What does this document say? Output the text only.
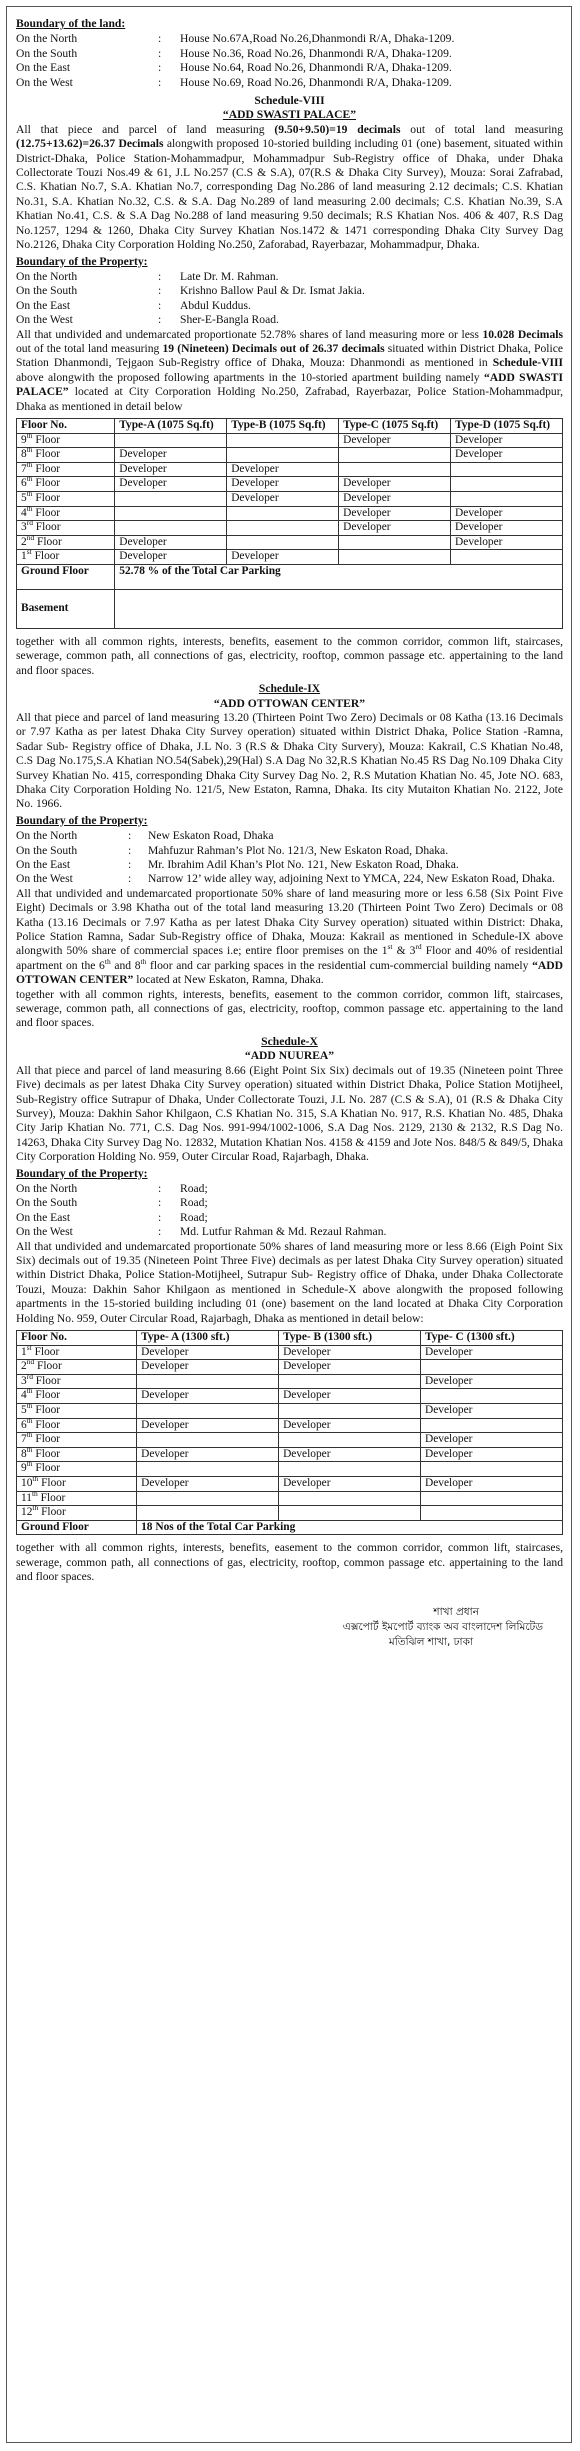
Boundary of the land:
On the North	:	House No.67A,Road No.26,Dhanmondi R/A, Dhaka-1209.
On the South	:	House No.36, Road No.26, Dhanmondi R/A, Dhaka-1209.
On the East	:	House No.64, Road No.26, Dhanmondi R/A, Dhaka-1209.
On the West	:	House No.69, Road No.26, Dhanmondi R/A, Dhaka-1209.
Schedule-VIII
“ADD SWASTI PALACE”

All that piece and parcel of land measuring (9.50+9.50)=19 decimals out of total land measuring (12.75+13.62)=26.37 Decimals alongwith proposed 10-storied building including 01 (one) basement, situated within District-Dhaka, Police Station-Mohammadpur, Mohammadpur Sub-Registry office of Dhaka, under Dhaka Collectorate Touzi Nos.49 & 61, J.L No.257 (C.S & S.A), 07(R.S & Dhaka City Survey), Mouza: Sorai Zafrabad, C.S. Khatian No.7, S.A. Khatian No.7, corresponding Dag No.286 of land measuring 2.12 decimals; C.S. Khatian No.31, S.A. Khatian No.32, C.S. & S.A. Dag No.289 of land measuring 2.00 decimals; C.S. Khatian No.39, S.A Khatian No.41, C.S. & S.A Dag No.288 of land measuring 9.50 decimals; R.S Khatian Nos. 406 & 407, R.S Dag No.1257, 1294 & 1260, Dhaka City Survey Khatian Nos.1472 & 1471 corresponding Dhaka City Survey Dag No.2126, Dhaka City Corporation Holding No.250, Zaforabad, Rayerbazar, Mohammadpur, Dhaka.

Boundary of the Property:
On the North	:	Late Dr. M. Rahman.
On the South	:	Krishno Ballow Paul & Dr. Ismat Jakia.
On the East	:	Abdul Kuddus.
On the West	:	Sher-E-Bangla Road.

All that undivided and undemarcated proportionate 52.78% shares of land measuring more or less 10.028 Decimals out of the total land measuring 19 (Nineteen) Decimals out of 26.37 decimals situated within District Dhaka, Police Station Dhanmondi, Tejgaon Sub-Registry office of Dhaka, Mouza: Dhanmondi as mentioned in Schedule-VIII above alongwith the proposed following apartments in the 10-storied apartment building namely “ADD SWASTI PALACE” located at City Corporation Holding No.250, Zafrabad, Rayerbazar, Police Station-Mohammadpur, Dhaka as mentioned in detail below

Floor No.	Type-A (1075 Sq.ft)	Type-B (1075 Sq.ft)	Type-C (1075 Sq.ft)	Type-D (1075 Sq.ft)
9th Floor			Developer	Developer
8th Floor	Developer			Developer
7th Floor	Developer	Developer		
6th Floor	Developer	Developer	Developer	
5th Floor		Developer	Developer	
4th Floor			Developer	Developer
3rd Floor			Developer	Developer
2nd Floor	Developer			Developer
1st Floor	Developer	Developer		
Ground Floor	52.78 % of the Total Car Parking			
Basement				

together with all common rights, interests, benefits, easement to the common corridor, common lift, staircases, sewerage, common path, all connections of gas, electricity, rooftop, common passage etc. appertaining to the land and floor spaces.

Schedule-IX
“ADD OTTOWAN CENTER”

All that piece and parcel of land measuring 13.20 (Thirteen Point Two Zero) Decimals or 08 Katha (13.16 Decimals or 7.97 Katha as per latest Dhaka City Survey operation) situated within District Dhaka, Police Station -Ramna, Sadar Sub- Registry office of Dhaka, J.L No. 3 (R.S & Dhaka City Survery), Mouza: Kakrail, C.S Khatian No.48, C.S Dag No.175,S.A Khatian NO.54(Sabek),29(Hal) S.A Dag No 32,R.S Khatian No.45 RS Dag No.109 Dhaka City Survey Khatian No. 415, corresponding Dhaka City Survey Dag No. 2, R.S Mutation Khatian No. 45, Jote NO. 683, Dhaka City Corporation Holding No. 121/5, New Estaton, Ramna, Dhaka. Its city Mutaiton Khatian No. 2122, Jote No. 1966.

Boundary of the Property:
On the North	:	New Eskaton Road, Dhaka
On the South	:	Mahfuzur Rahman’s Plot No. 121/3, New Eskaton Road, Dhaka.
On the East	:	Mr. Ibrahim Adil Khan’s Plot No. 121, New Eskaton Road, Dhaka.
On the West	:	Narrow 12’ wide alley way, adjoining Next to YMCA, 224, New Eskaton Road, Dhaka.

All that undivided and undemarcated proportionate 50% share of land measuring more or less 6.58 (Six Point Five Eight) Decimals or 3.98 Khatha out of the total land measuring 13.20 (Thirteen Point Two Zero) Decimals or 08 Katha (13.16 Decimals or 7.97 Katha as per latest Dhaka City Survey operation) situated within District: Dhaka, Police Station Ramna, Sadar Sub-Registry office of Dhaka, Mouza: Kakrail as mentioned in Schedule-IX above alongwith 50% share of commercial spaces i.e; entire floor premises on the 1st & 3rd Floor and 40% of residential apartment on the 6th and 8th floor and car parking spaces in the residential cum-commercial building namely “ADD OTTOWAN CENTER” located at New Eskaton, Ramna, Dhaka.

together with all common rights, interests, benefits, easement to the common corridor, common lift, staircases, sewerage, common path, all connections of gas, electricity, rooftop, common passage etc. appertaining to the land and floor spaces.

Schedule-X
“ADD NUUREA”

All that piece and parcel of land measuring 8.66 (Eight Point Six Six) decimals out of 19.35 (Nineteen point Three Five) decimals as per latest Dhaka City Survey operation) situated within District Dhaka, Police Station Motijheel, Sub-Registry office Sutrapur of Dhaka, Under Collectorate Touzi, J.L No. 287 (C.S & S.A), 01 (R.S & Dhaka City Survey), Mouza: Dakhin Sahor Khilgaon, C.S Khatian No. 315, S.A Khatian No. 917, R.S. Khatian No. 485, Dhaka City Jarip Khatian No. 771, C.S. Dag Nos. 991-994/1002-1006, S.A Dag Nos. 2129, 2130 & 2132, R.S Dag No. 14263, Dhaka City Survey Dag No. 12832, Mutation Khatian Nos. 4158 & 4159 and Jote Nos. 848/5 & 849/5, Dhaka City Corporation Holding No. 959, Outer Circular Road, Rajarbagh, Dhaka.

Boundary of the Property:
On the North	:	Road;
On the South	:	Road;
On the East	:	Road;
On the West	:	Md. Lutfur Rahman & Md. Rezaul Rahman.

All that undivided and undemarcated proportionate 50% shares of land measuring more or less 8.66 (Eigh Point Six Six) decimals out of 19.35 (Nineteen Point Three Five) decimals as per latest Dhaka City Survey operation) situated within District Dhaka, Police Station-Motijheel, Sutrapur Sub- Registry office of Dhaka, under Dhaka Collectorate Touzi, Mouza: Dakhin Sahor Khilgaon as mentioned in Schedule-X above alongwith the proposed following apartments in the 15-storied building including 01 (one) basement on the land located at Dhaka City Corporation Holding No. 959, Outer Circular Road, Rajarbagh, Dhaka as mentioned in detail below:

Floor No.	Type- A (1300 sft.)	Type- B (1300 sft.)	Type- C (1300 sft.)
1st Floor	Developer	Developer	Developer
2nd Floor	Developer	Developer	
3rd Floor			Developer
4th Floor	Developer	Developer	
5th Floor			Developer
6th Floor	Developer	Developer	
7th Floor			Developer
8th Floor	Developer	Developer	Developer
9th Floor			
10th Floor	Developer	Developer	Developer
11th Floor			
12th Floor			
Ground Floor	18 Nos of the Total Car Parking		

together with all common rights, interests, benefits, easement to the common corridor, common lift, staircases, sewerage, common path, all connections of gas, electricity, rooftop, common passage etc. appertaining to the land and floor spaces.

শাখা প্রধান
এক্সপোর্ট ইমপোর্ট ব্যাংক অব বাংলাদেশ লিমিটেড
মতিঝিল শাখা, ঢাকা
